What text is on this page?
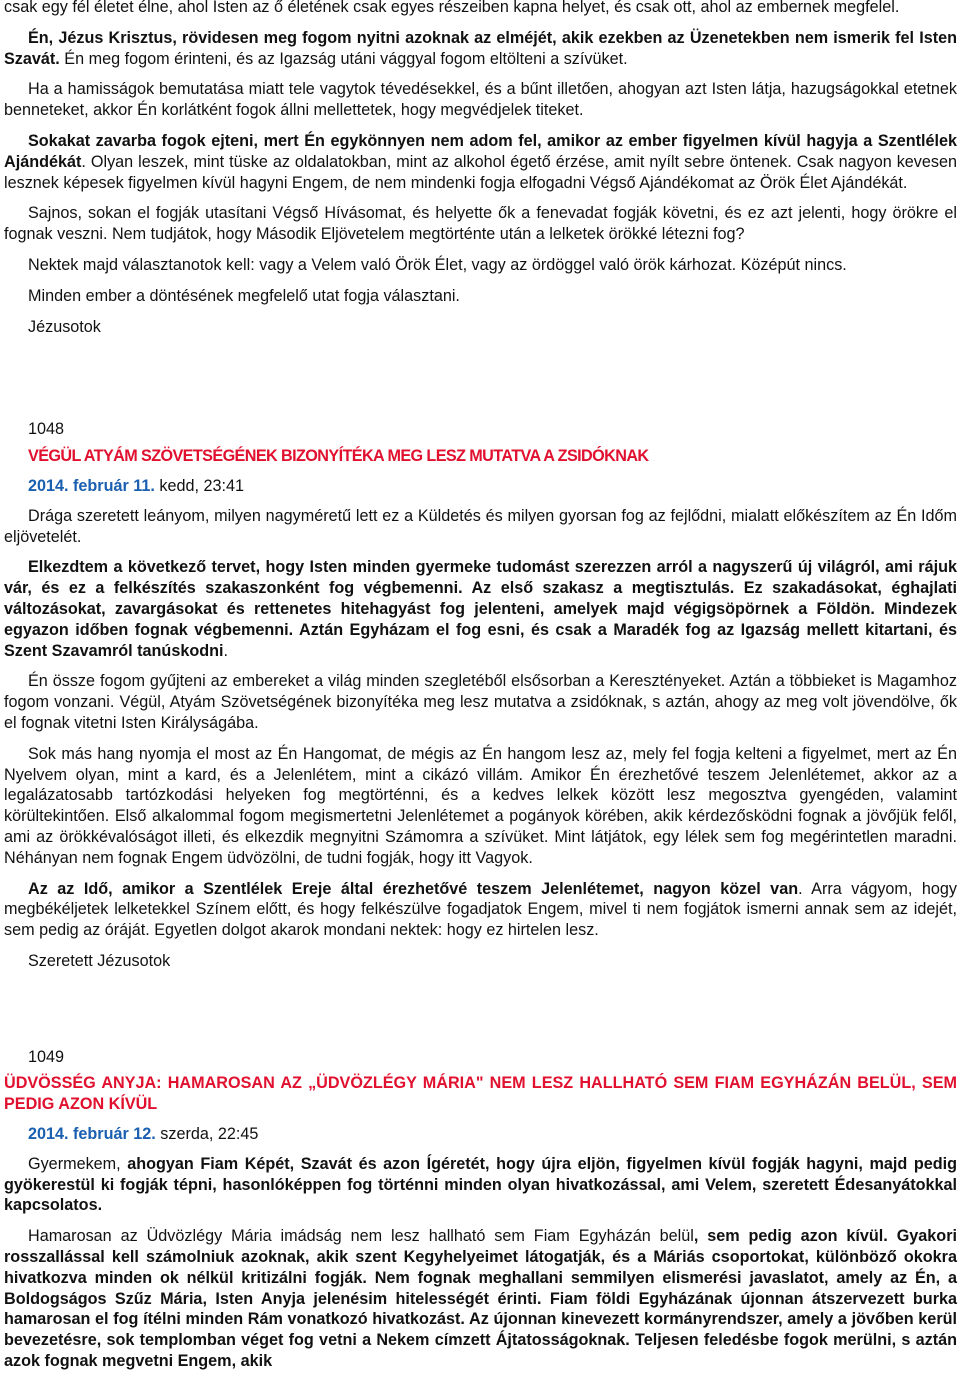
csak egy fél életet élne, ahol Isten az ő életének csak egyes részeiben kapna helyet, és csak ott, ahol az embernek megfelel.

Én, Jézus Krisztus, rövidesen meg fogom nyitni azoknak az elméjét, akik ezekben az Üzenetekben nem ismerik fel Isten Szavát. Én meg fogom érinteni, és az Igazság utáni vággyal fogom eltölteni a szívüket.

Ha a hamisságok bemutatása miatt tele vagytok tévedésekkel, és a bűnt illetően, ahogyan azt Isten látja, hazugságokkal etetnek benneteket, akkor Én korlátként fogok állni mellettetek, hogy megvédjelek titeket.

Sokakat zavarba fogok ejteni, mert Én egykönnyen nem adom fel, amikor az ember figyelmen kívül hagyja a Szentlélek Ajándékát. Olyan leszek, mint tüske az oldalatokban, mint az alkohol égető érzése, amit nyílt sebre öntenek. Csak nagyon kevesen lesznek képesek figyelmen kívül hagyni Engem, de nem mindenki fogja elfogadni Végső Ajándékomat az Örök Élet Ajándékát.

Sajnos, sokan el fogják utasítani Végső Hívásomat, és helyette ők a fenevadat fogják követni, és ez azt jelenti, hogy örökre el fognak veszni. Nem tudjátok, hogy Második Eljövetelem megtörténte után a lelketek örökké létezni fog?

Nektek majd választanotok kell: vagy a Velem való Örök Élet, vagy az ördöggel való örök kárhozat. Középút nincs.

Minden ember a döntésének megfelelő utat fogja választani.

Jézusotok

1048

VÉGÜL ATYÁM SZÖVETSÉGÉNEK BIZONYÍTÉKA MEG LESZ MUTATVA A ZSIDÓKNAK

2014. február 11. kedd, 23:41

Drága szeretett leányom, milyen nagyméretű lett ez a Küldetés és milyen gyorsan fog az fejlődni, mialatt előkészítem az Én Időm eljövetelét.

Elkezdtem a következő tervet, hogy Isten minden gyermeke tudomást szerezzen arról a nagyszerű új világról, ami rájuk vár, és ez a felkészítés szakaszonként fog végbemenni. Az első szakasz a megtisztulás. Ez szakadásokat, éghajlati változásokat, zavargásokat és rettenetes hitehagyást fog jelenteni, amelyek majd végigsöpörnek a Földön. Mindezek egyazon időben fognak végbemenni. Aztán Egyházam el fog esni, és csak a Maradék fog az Igazság mellett kitartani, és Szent Szavamról tanúskodni.

Én össze fogom gyűjteni az embereket a világ minden szegletéből elsősorban a Keresztényeket. Aztán a többieket is Magamhoz fogom vonzani. Végül, Atyám Szövetségének bizonyítéka meg lesz mutatva a zsidóknak, s aztán, ahogy az meg volt jövendölve, ők el fognak vitetni Isten Királyságába.

Sok más hang nyomja el most az Én Hangomat, de mégis az Én hangom lesz az, mely fel fogja kelteni a figyelmet, mert az Én Nyelvem olyan, mint a kard, és a Jelenlétem, mint a cikázó villám. Amikor Én érezhetővé teszem Jelenlétemet, akkor az a legalázatosabb tartózkodási helyeken fog megtörténni, és a kedves lelkek között lesz megosztva gyengéden, valamint körültekintően. Első alkalommal fogom megismertetni Jelenlétemet a pogányok körében, akik kérdezősködni fognak a jövőjük felől, ami az örökkévalóságot illeti, és elkezdik megnyitni Számomra a szívüket. Mint látjátok, egy lélek sem fog megérintetlen maradni. Néhányan nem fognak Engem üdvözölni, de tudni fogják, hogy itt Vagyok.

Az az Idő, amikor a Szentlélek Ereje által érezhetővé teszem Jelenlétemet, nagyon közel van. Arra vágyom, hogy megbékéljetek lelketekkel Színem előtt, és hogy felkészülve fogadjatok Engem, mivel ti nem fogjátok ismerni annak sem az idejét, sem pedig az óráját. Egyetlen dolgot akarok mondani nektek: hogy ez hirtelen lesz.

Szeretett Jézusotok

1049

ÜDVÖSSÉG ANYJA: HAMAROSAN AZ „ÜDVÖZLÉGY MÁRIA" NEM LESZ HALLHATÓ SEM FIAM EGYHÁZÁN BELÜL, SEM PEDIG AZON KÍVÜL

2014. február 12. szerda, 22:45

Gyermekem, ahogyan Fiam Képét, Szavát és azon Ígéretét, hogy újra eljön, figyelmen kívül fogják hagyni, majd pedig gyökerestül ki fogják tépni, hasonlóképpen fog történni minden olyan hivatkozással, ami Velem, szeretett Édesanyátokkal kapcsolatos.

Hamarosan az Üdvözlégy Mária imádság nem lesz hallható sem Fiam Egyházán belül, sem pedig azon kívül. Gyakori rosszallással kell számolniuk azoknak, akik szent Kegyhelyeimet látogatják, és a Máriás csoportokat, különböző okokra hivatkozva minden ok nélkül kritizálni fogják. Nem fognak meghallani semmilyen elismerési javaslatot, amely az Én, a Boldogságos Szűz Mária, Isten Anyja jelenésim hitelességét érinti. Fiam földi Egyházának újonnan átszervezett burka hamarosan el fog ítélni minden Rám vonatkozó hivatkozást. Az újonnan kinevezett kormányrendszer, amely a jövőben kerül bevezetésre, sok templomban véget fog vetni a Nekem címzett Ájtatosságoknak. Teljesen feledésbe fogok merülni, s aztán azok fognak megvetni Engem, akik
